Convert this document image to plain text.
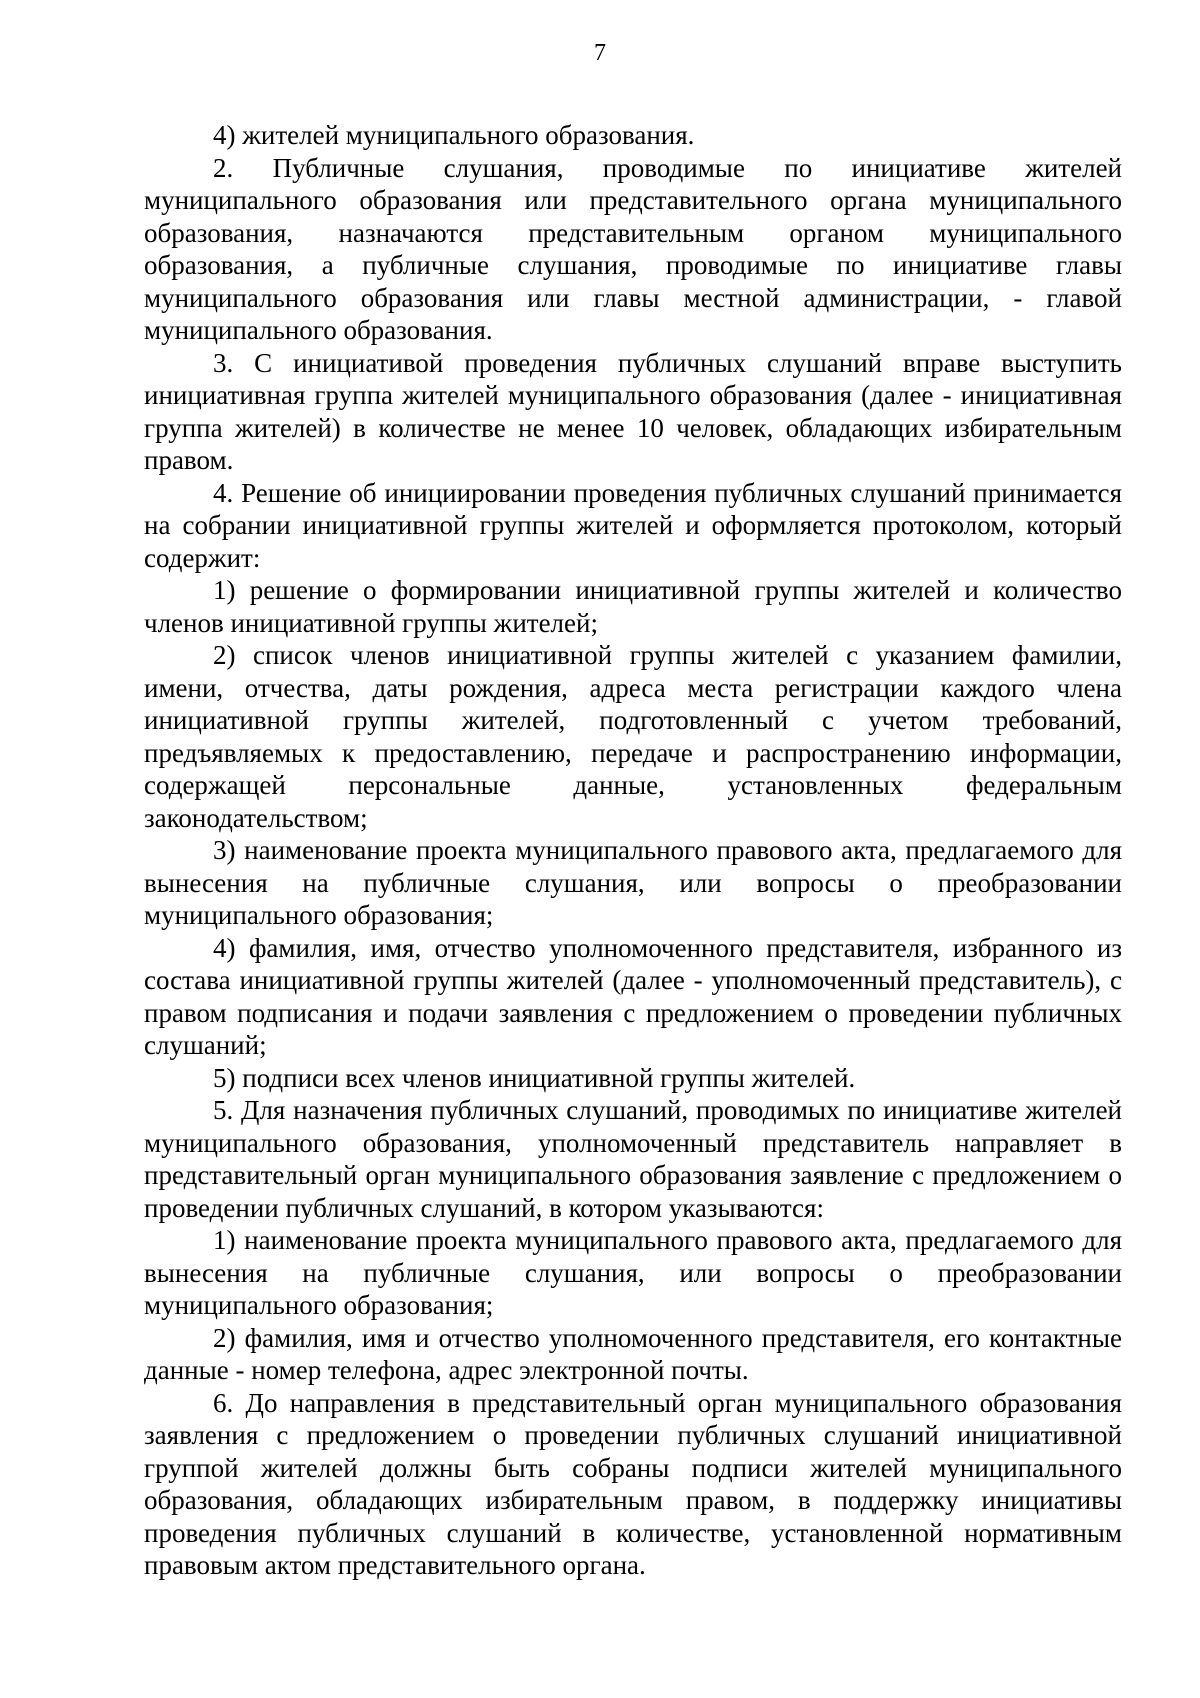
7

4) жителей муниципального образования.

2. Публичные слушания, проводимые по инициативе жителей муниципального образования или представительного органа муниципального образования, назначаются представительным органом муниципального образования, а публичные слушания, проводимые по инициативе главы муниципального образования или главы местной администрации, - главой муниципального образования.

3. С инициативой проведения публичных слушаний вправе выступить инициативная группа жителей муниципального образования (далее - инициативная группа жителей) в количестве не менее 10 человек, обладающих избирательным правом.

4. Решение об инициировании проведения публичных слушаний принимается на собрании инициативной группы жителей и оформляется протоколом, который содержит:

1) решение о формировании инициативной группы жителей и количество членов инициативной группы жителей;

2) список членов инициативной группы жителей с указанием фамилии, имени, отчества, даты рождения, адреса места регистрации каждого члена инициативной группы жителей, подготовленный с учетом требований, предъявляемых к предоставлению, передаче и распространению информации, содержащей персональные данные, установленных федеральным законодательством;

3) наименование проекта муниципального правового акта, предлагаемого для вынесения на публичные слушания, или вопросы о преобразовании муниципального образования;

4) фамилия, имя, отчество уполномоченного представителя, избранного из состава инициативной группы жителей (далее - уполномоченный представитель), с правом подписания и подачи заявления с предложением о проведении публичных слушаний;

5) подписи всех членов инициативной группы жителей.

5. Для назначения публичных слушаний, проводимых по инициативе жителей муниципального образования, уполномоченный представитель направляет в представительный орган муниципального образования заявление с предложением о проведении публичных слушаний, в котором указываются:

1) наименование проекта муниципального правового акта, предлагаемого для вынесения на публичные слушания, или вопросы о преобразовании муниципального образования;

2) фамилия, имя и отчество уполномоченного представителя, его контактные данные - номер телефона, адрес электронной почты.

6. До направления в представительный орган муниципального образования заявления с предложением о проведении публичных слушаний инициативной группой жителей должны быть собраны подписи жителей муниципального образования, обладающих избирательным правом, в поддержку инициативы проведения публичных слушаний в количестве, установленной нормативным правовым актом представительного органа.
